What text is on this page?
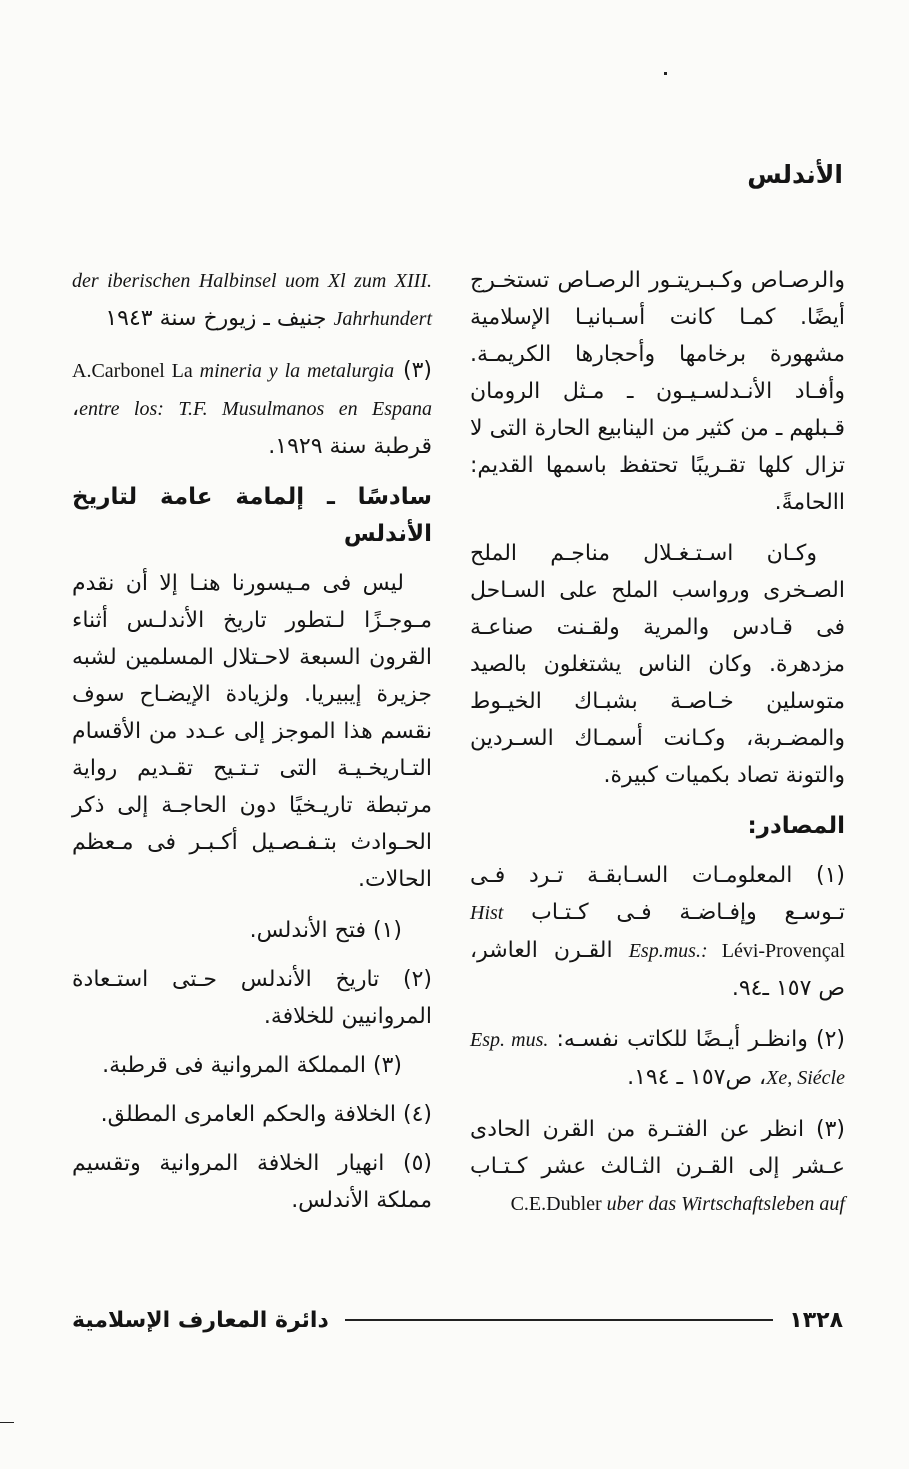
الأندلس

والرصـاص وكـبـريتـور الرصـاص تستخـرج أيضًا. كمـا كانت أسـبانيـا الإسلامية مشهورة برخامها وأحجارها الكريمـة. وأفـاد الأنـدلسـيـون ـ مـثل الرومان قـبلهم ـ من كثير من الينابيع الحارة التى لا تزال كلها تقـريبًا تحتفظ باسمها القديم: االحامةً.

وكـان اسـتـغـلال مناجـم الملح الصـخرى ورواسب الملح على السـاحل فى قـادس والمرية ولقـنت صناعـة مزدهرة. وكان الناس يشتغلون بالصيد متوسلين خـاصـة بشبـاك الخيـوط والمضـربة، وكـانت أسمـاك السـردين والتونة تصاد بكميات كبيرة.

المصادر:

(١) المعلومـات السـابقـة تـرد فـى تـوسـع وإفـاضـة فـى كـتـاب Hist Esp.mus.: Lévi-Provençal القـرن العاشر، ص ١٥٧ ـ٩٤.

(٢) وانظـر أيـضًا للكاتب نفسـه: Esp. mus. Xe, Siécle، ص١٥٧ ـ ١٩٤.

(٣) انظر عن الفتـرة من القرن الحادى عـشر إلى القـرن الثـالث عشر كـتـاب C.E.Dubler uber das Wirtschaftsleben auf

der iberischen Halbinsel uom Xl zum XIII. Jahrhundert جنيف ـ زيورخ سنة ١٩٤٣

(٣) A.Carbonel La mineria y la metalurgia entre los: T.F. Musulmanos en Espana، قرطبة سنة ١٩٢٩.

سادسًا ـ إلمامة عامة لتاريخ الأندلس

ليس فى مـيسورنا هنـا إلا أن نقدم مـوجـزًا لـتطور تاريخ الأندلـس أثناء القرون السبعة لاحـتلال المسلمين لشبه جزيرة إيبيريا. ولزيادة الإيضـاح سوف نقسم هذا الموجز إلى عـدد من الأقسام التـاريخـيـة التى تـتـيح تقـديم رواية مرتبطة تاريـخيًا دون الحاجـة إلى ذكر الحـوادث بتـفـصـيل أكـبـر فى مـعظم الحالات.

(١) فتح الأندلس.
(٢) تاريخ الأندلس حـتى استـعادة المروانيين للخلافة.
(٣) المملكة المروانية فى قرطبة.
(٤) الخلافة والحكم العامرى المطلق.
(٥) انهيار الخلافة المروانية وتقسيم مملكة الأندلس.
١٣٢٨
دائرة المعارف الإسلامية
